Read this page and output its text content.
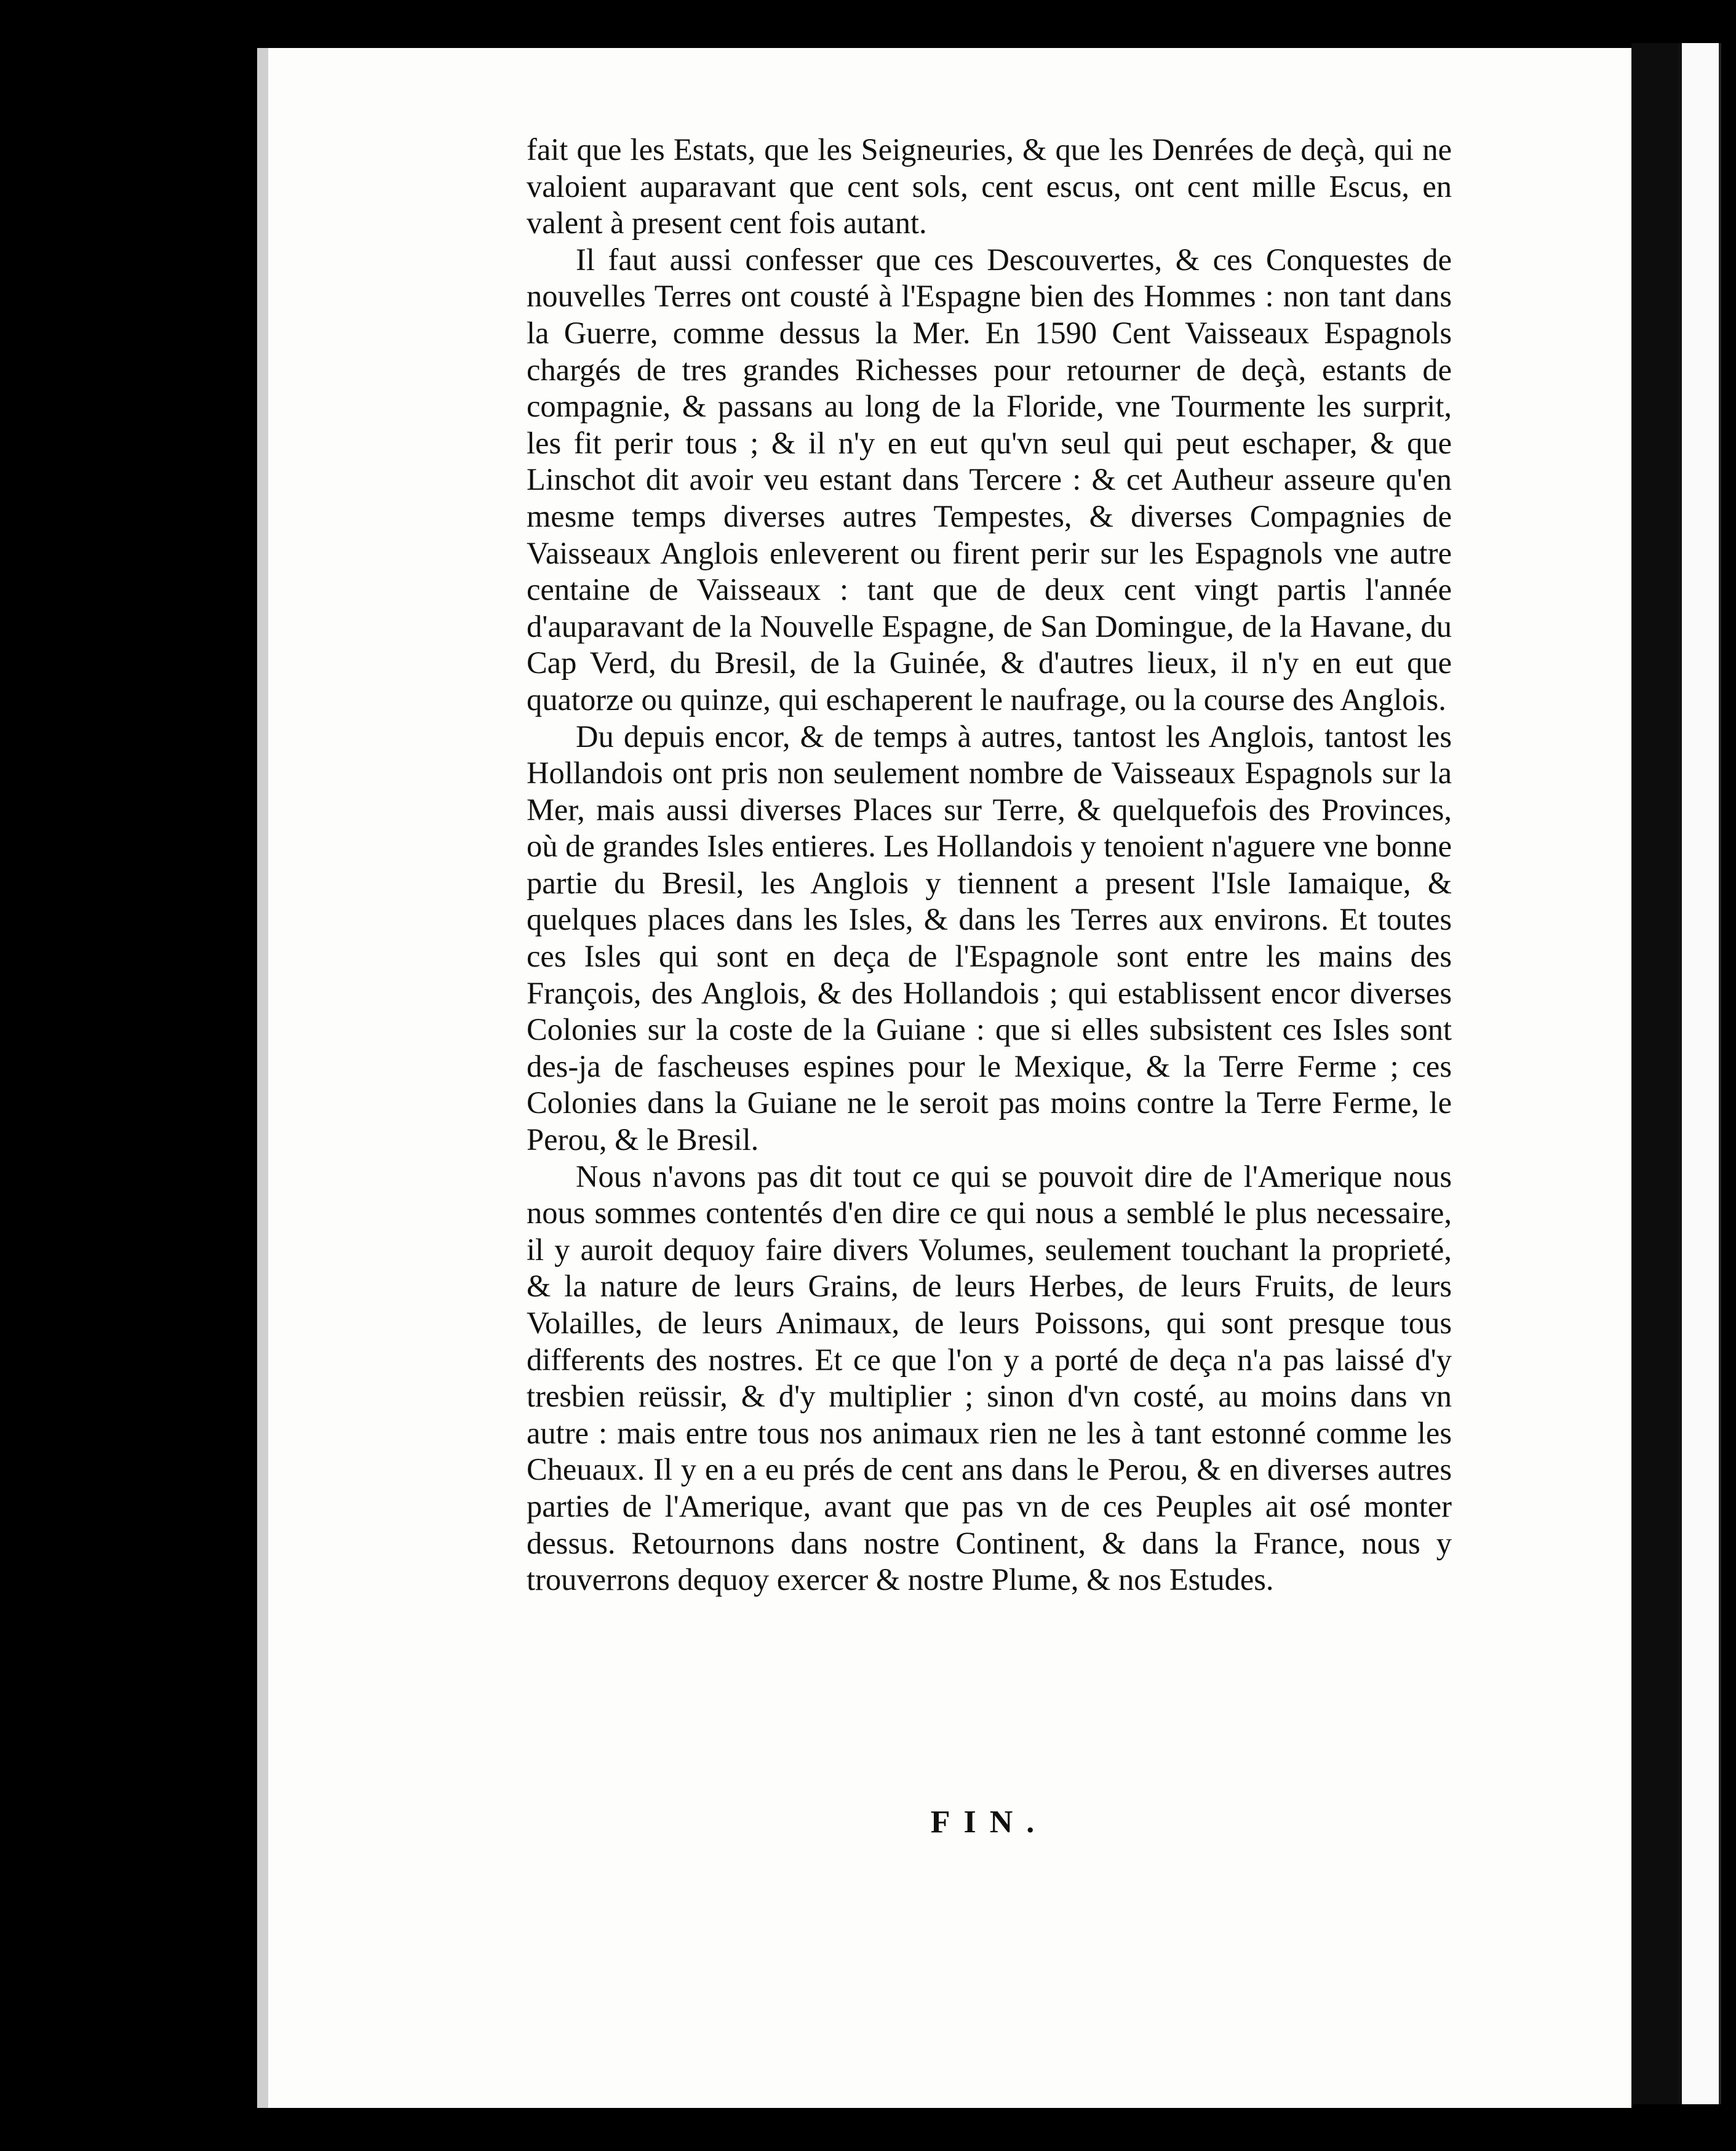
fait que les Estats, que les Seigneuries, & que les Denrées de deçà, qui ne valoient auparavant que cent sols, cent escus, ont cent mille Escus, en valent à present cent fois autant.

Il faut aussi confesser que ces Descouvertes, & ces Conquestes de nouvelles Terres ont cousté à l'Espagne bien des Hommes : non tant dans la Guerre, comme dessus la Mer. En 1590 Cent Vaisseaux Espagnols chargés de tres grandes Richesses pour retourner de deçà, estants de compagnie, & passans au long de la Floride, vne Tourmente les surprit, les fit perir tous ; & il n'y en eut qu'vn seul qui peut eschaper, & que Linschot dit avoir veu estant dans Tercere : & cet Autheur asseure qu'en mesme temps diverses autres Tempestes, & diverses Compagnies de Vaisseaux Anglois enleverent ou firent perir sur les Espagnols vne autre centaine de Vaisseaux : tant que de deux cent vingt partis l'année d'auparavant de la Nouvelle Espagne, de San Domingue, de la Havane, du Cap Verd, du Bresil, de la Guinée, & d'autres lieux, il n'y en eut que quatorze ou quinze, qui eschaperent le naufrage, ou la course des Anglois.

Du depuis encor, & de temps à autres, tantost les Anglois, tantost les Hollandois ont pris non seulement nombre de Vaisseaux Espagnols sur la Mer, mais aussi diverses Places sur Terre, & quelquefois des Provinces, où de grandes Isles entieres. Les Hollandois y tenoient n'aguere vne bonne partie du Bresil, les Anglois y tiennent a present l'Isle Iamaique, & quelques places dans les Isles, & dans les Terres aux environs. Et toutes ces Isles qui sont en deça de l'Espagnole sont entre les mains des François, des Anglois, & des Hollandois ; qui establissent encor diverses Colonies sur la coste de la Guiane : que si elles subsistent ces Isles sont des-ja de fascheuses espines pour le Mexique, & la Terre Ferme ; ces Colonies dans la Guiane ne le seroit pas moins contre la Terre Ferme, le Perou, & le Bresil.

Nous n'avons pas dit tout ce qui se pouvoit dire de l'Amerique nous nous sommes contentés d'en dire ce qui nous a semblé le plus necessaire, il y auroit dequoy faire divers Volumes, seulement touchant la proprieté, & la nature de leurs Grains, de leurs Herbes, de leurs Fruits, de leurs Volailles, de leurs Animaux, de leurs Poissons, qui sont presque tous differents des nostres. Et ce que l'on y a porté de deça n'a pas laissé d'y tresbien reüssir, & d'y multiplier ; sinon d'vn costé, au moins dans vn autre : mais entre tous nos animaux rien ne les à tant estonné comme les Cheuaux. Il y en a eu prés de cent ans dans le Perou, & en diverses autres parties de l'Amerique, avant que pas vn de ces Peuples ait osé monter dessus. Retournons dans nostre Continent, & dans la France, nous y trouverrons dequoy exercer & nostre Plume, & nos Estudes.

FIN.
